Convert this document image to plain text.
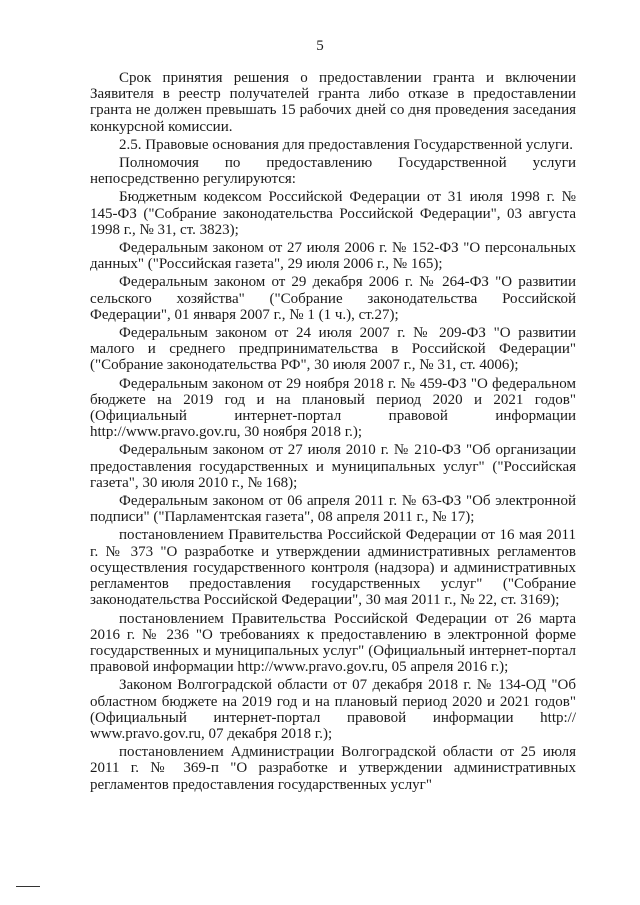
5

Срок принятия решения о предоставлении гранта и включении Заявителя в реестр получателей гранта либо отказе в предоставлении гранта не должен превышать 15 рабочих дней со дня проведения заседания конкурсной комиссии.

2.5. Правовые основания для предоставления Государственной услуги.

Полномочия по предоставлению Государственной услуги непосредственно регулируются:

Бюджетным кодексом Российской Федерации от 31 июля 1998 г. № 145-ФЗ ("Собрание законодательства Российской Федерации", 03 августа 1998 г., № 31, ст. 3823);

Федеральным законом от 27 июля 2006 г. № 152-ФЗ "О персональных данных" ("Российская газета", 29 июля 2006 г., № 165);

Федеральным законом от 29 декабря 2006 г. № 264-ФЗ "О развитии сельского хозяйства" ("Собрание законодательства Российской Федерации", 01 января 2007 г., № 1 (1 ч.), ст.27);

Федеральным законом от 24 июля 2007 г. № 209-ФЗ "О развитии малого и среднего предпринимательства в Российской Федерации" ("Собрание законодательства РФ", 30 июля 2007 г., № 31, ст. 4006);

Федеральным законом от 29 ноября 2018 г. № 459-ФЗ "О федеральном бюджете на 2019 год и на плановый период 2020 и 2021 годов" (Официальный интернет-портал правовой информации http://www.pravo.gov.ru, 30 ноября 2018 г.);

Федеральным законом от 27 июля 2010 г. № 210-ФЗ "Об организации предоставления государственных и муниципальных услуг" ("Российская газета", 30 июля 2010 г., № 168);

Федеральным законом от 06 апреля 2011 г. № 63-ФЗ "Об электронной подписи" ("Парламентская газета", 08 апреля 2011 г., № 17);

постановлением Правительства Российской Федерации от 16 мая 2011 г. № 373 "О разработке и утверждении административных регламентов осуществления государственного контроля (надзора) и административных регламентов предоставления государственных услуг" ("Собрание законодательства Российской Федерации", 30 мая 2011 г., № 22, ст. 3169);

постановлением Правительства Российской Федерации от 26 марта 2016 г. № 236 "О требованиях к предоставлению в электронной форме государственных и муниципальных услуг" (Официальный интернет-портал правовой информации http://www.pravo.gov.ru, 05 апреля 2016 г.);

Законом Волгоградской области от 07 декабря 2018 г. № 134-ОД "Об областном бюджете на 2019 год и на плановый период 2020 и 2021 годов" (Официальный интернет-портал правовой информации http:// www.pravo.gov.ru, 07 декабря 2018 г.);

постановлением Администрации Волгоградской области от 25 июля 2011 г. № 369-п "О разработке и утверждении административных регламентов предоставления государственных услуг"
